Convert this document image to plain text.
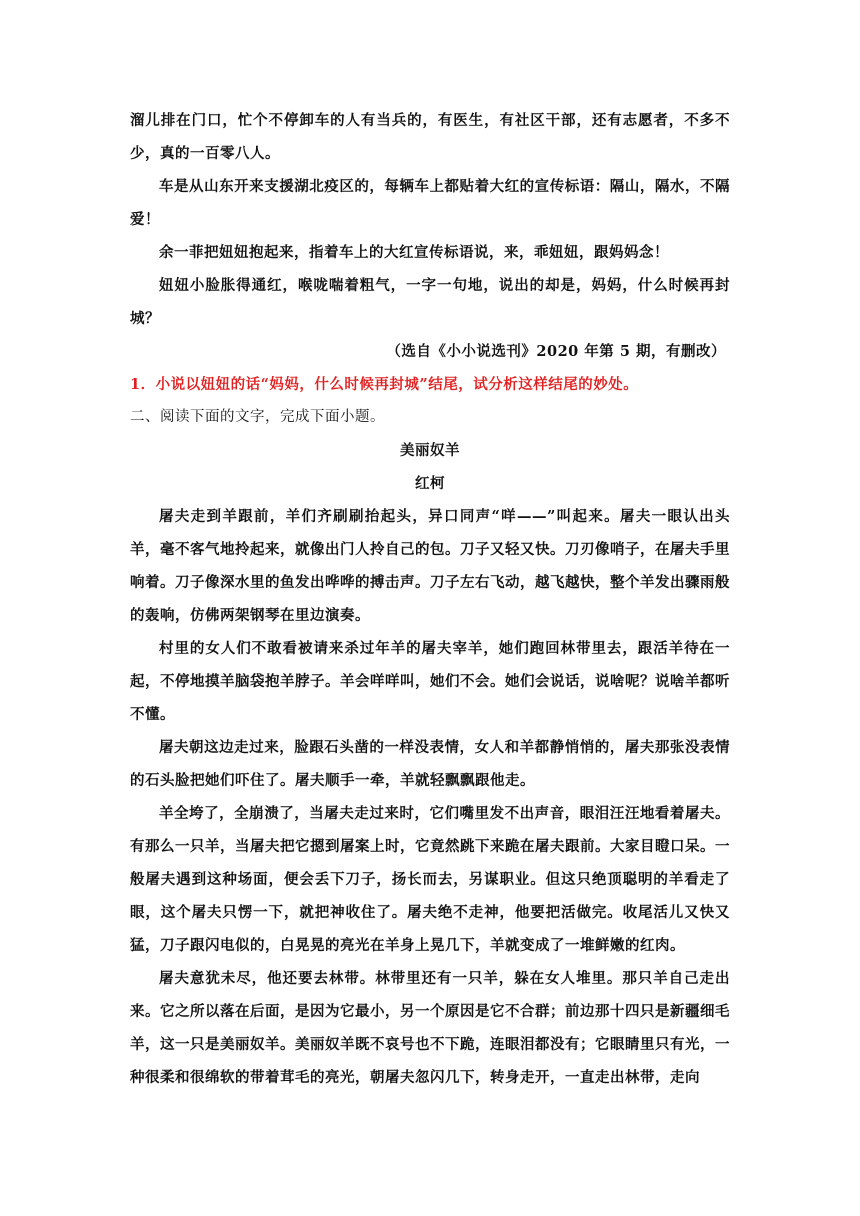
溜儿排在门口，忙个不停卸车的人有当兵的，有医生，有社区干部，还有志愿者，不多不少，真的一百零八人。

车是从山东开来支援湖北疫区的，每辆车上都贴着大红的宣传标语：隔山，隔水，不隔爱！

余一菲把妞妞抱起来，指着车上的大红宣传标语说，来，乖妞妞，跟妈妈念！

妞妞小脸胀得通红，喉咙喘着粗气，一字一句地，说出的却是，妈妈，什么时候再封城？

（选自《小小说选刊》2020 年第 5 期，有删改）

1．小说以妞妞的话“妈妈，什么时候再封城”结尾，试分析这样结尾的妙处。

二、阅读下面的文字，完成下面小题。

美丽奴羊

红柯

屠夫走到羊跟前，羊们齐刷刷抬起头，异口同声“咩——”叫起来。屠夫一眼认出头羊，毫不客气地拎起来，就像出门人拎自己的包。刀子又轻又快。刀刃像哨子，在屠夫手里响着。刀子像深水里的鱼发出哗哗的搏击声。刀子左右飞动，越飞越快，整个羊发出骤雨般的轰响，仿佛两架钢琴在里边演奏。

村里的女人们不敢看被请来杀过年羊的屠夫宰羊，她们跑回林带里去，跟活羊待在一起，不停地摸羊脑袋抱羊脖子。羊会咩咩叫，她们不会。她们会说话，说啥呢？说啥羊都听不懂。

屠夫朝这边走过来，脸跟石头凿的一样没表情，女人和羊都静悄悄的，屠夫那张没表情的石头脸把她们吓住了。屠夫顺手一牵，羊就轻飘飘跟他走。

羊全垮了，全崩溃了，当屠夫走过来时，它们嘴里发不出声音，眼泪汪汪地看着屠夫。有那么一只羊，当屠夫把它摁到屠案上时，它竟然跳下来跪在屠夫跟前。大家目瞪口呆。一般屠夫遇到这种场面，便会丢下刀子，扬长而去，另谋职业。但这只绝顶聪明的羊看走了眼，这个屠夫只愣一下，就把神收住了。屠夫绝不走神，他要把活做完。收尾活儿又快又猛，刀子跟闪电似的，白晃晃的亮光在羊身上晃几下，羊就变成了一堆鲜嫩的红肉。

屠夫意犹未尽，他还要去林带。林带里还有一只羊，躲在女人堆里。那只羊自己走出来。它之所以落在后面，是因为它最小，另一个原因是它不合群；前边那十四只是新疆细毛羊，这一只是美丽奴羊。美丽奴羊既不哀号也不下跪，连眼泪都没有；它眼睛里只有光，一种很柔和很绵软的带着茸毛的亮光，朝屠夫忽闪几下，转身走开，一直走出林带，走向
